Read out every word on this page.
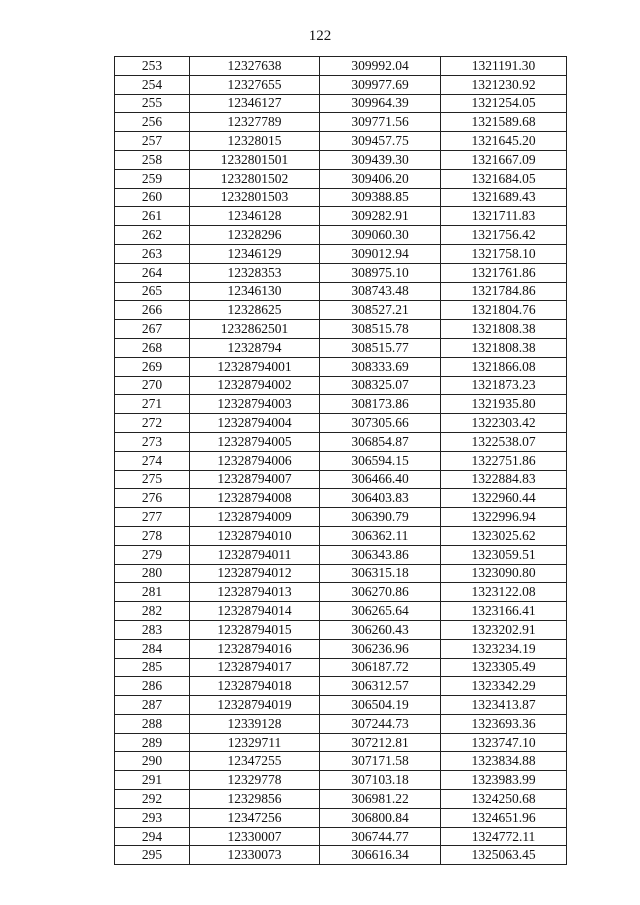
122
253	12327638	309992.04	1321191.30
254	12327655	309977.69	1321230.92
255	12346127	309964.39	1321254.05
256	12327789	309771.56	1321589.68
257	12328015	309457.75	1321645.20
258	1232801501	309439.30	1321667.09
259	1232801502	309406.20	1321684.05
260	1232801503	309388.85	1321689.43
261	12346128	309282.91	1321711.83
262	12328296	309060.30	1321756.42
263	12346129	309012.94	1321758.10
264	12328353	308975.10	1321761.86
265	12346130	308743.48	1321784.86
266	12328625	308527.21	1321804.76
267	1232862501	308515.78	1321808.38
268	12328794	308515.77	1321808.38
269	12328794001	308333.69	1321866.08
270	12328794002	308325.07	1321873.23
271	12328794003	308173.86	1321935.80
272	12328794004	307305.66	1322303.42
273	12328794005	306854.87	1322538.07
274	12328794006	306594.15	1322751.86
275	12328794007	306466.40	1322884.83
276	12328794008	306403.83	1322960.44
277	12328794009	306390.79	1322996.94
278	12328794010	306362.11	1323025.62
279	12328794011	306343.86	1323059.51
280	12328794012	306315.18	1323090.80
281	12328794013	306270.86	1323122.08
282	12328794014	306265.64	1323166.41
283	12328794015	306260.43	1323202.91
284	12328794016	306236.96	1323234.19
285	12328794017	306187.72	1323305.49
286	12328794018	306312.57	1323342.29
287	12328794019	306504.19	1323413.87
288	12339128	307244.73	1323693.36
289	12329711	307212.81	1323747.10
290	12347255	307171.58	1323834.88
291	12329778	307103.18	1323983.99
292	12329856	306981.22	1324250.68
293	12347256	306800.84	1324651.96
294	12330007	306744.77	1324772.11
295	12330073	306616.34	1325063.45
